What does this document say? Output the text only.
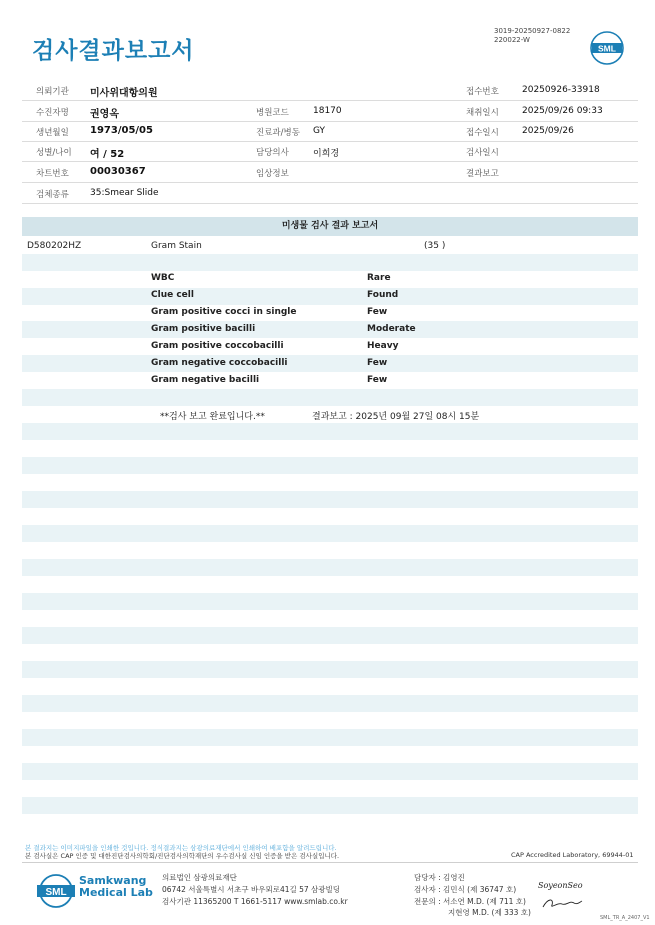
검사결과보고서
3019-20250927-0822
220022-W
SML
의뢰기관 미사위대항의원	접수번호	20250926-33918
수진자명 권영옥	병원코드	18170	채취일시	2025/09/26 09:33
생년월일 1973/05/05	진료과/병동 GY	접수일시	2025/09/26
성별/나이 여 / 52	담당의사	이희경	검사일시
차트번호 00030367	임상정보	결과보고
검체종류 35:Smear Slide
미생물 검사 결과 보고서
D580202HZ	Gram Stain	(35 )
WBC	Rare
Clue cell	Found
Gram positive cocci in single	Few
Gram positive bacilli	Moderate
Gram positive coccobacilli	Heavy
Gram negative coccobacilli	Few
Gram negative bacilli	Few
**검사 보고 완료입니다.**	결과보고 : 2025년 09월 27일 08시 15분
본 결과지는 이미지파일을 인쇄한 것입니다. 정식결과지는 삼광의료재단에서 인쇄하여 배포함을 알려드립니다.
본 검사실은 CAP 인증 및 대한진단검사의학회/진단검사의학재단의 우수검사실 신임 인증을 받은 검사실입니다.	CAP Accredited Laboratory, 69944-01
SML
Samkwang
Medical Lab
의료법인 삼광의료재단
06742 서울특별시 서초구 바우뫼로41길 57 삼광빌딩
검사기관 11365200 T 1661-5117 www.smlab.co.kr
담당자 : 김영진
검사자 : 김민식 (제 36747 호)
전문의 : 서소연 M.D. (제 711 호)
지현영 M.D. (제 333 호)
SoyeonSeo
SML_TR_A_2407_V1
